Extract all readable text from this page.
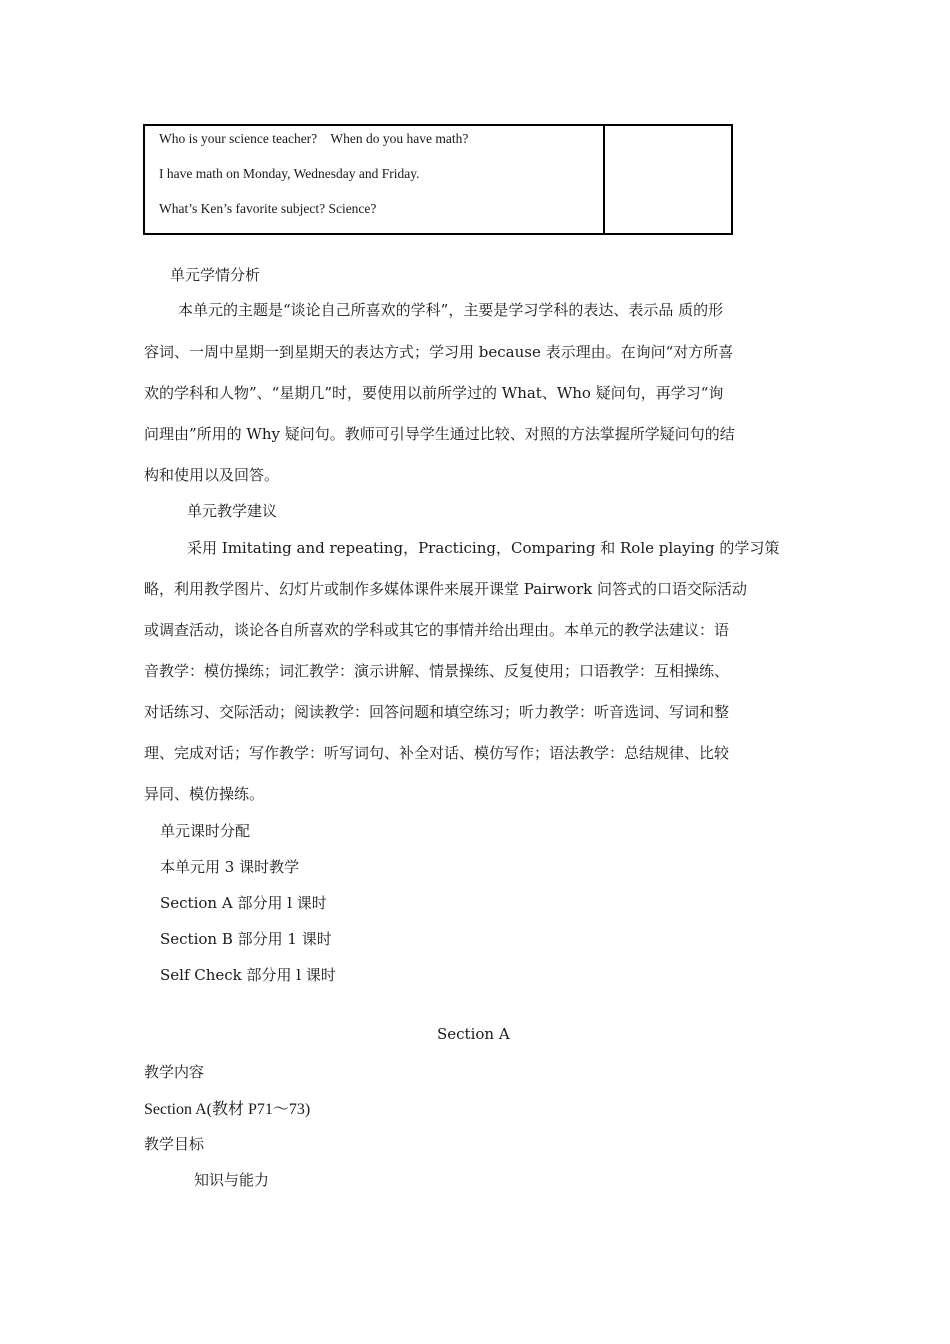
Who is your science teacher?    When do you have math?
I have math on Monday, Wednesday and Friday.
What’s Ken’s favorite subject? Science?
单元学情分析
本单元的主题是“谈论自己所喜欢的学科”，主要是学习学科的表达、表示品 质的形
容词、一周中星期一到星期天的表达方式；学习用 because 表示理由。在询问“对方所喜
欢的学科和人物”、“星期几”时，要使用以前所学过的 What、Who 疑问句，再学习“询
问理由”所用的 Why 疑问句。教师可引导学生通过比较、对照的方法掌握所学疑问句的结
构和使用以及回答。
单元教学建议
采用 Imitating and repeating，Practicing，Comparing 和 Role playing 的学习策
略，利用教学图片、幻灯片或制作多媒体课件来展开课堂 Pairwork 问答式的口语交际活动
或调查活动，谈论各自所喜欢的学科或其它的事情并给出理由。本单元的教学法建议：语
音教学：模仿操练；词汇教学：演示讲解、情景操练、反复使用；口语教学：互相操练、
对话练习、交际活动；阅读教学：回答问题和填空练习；听力教学：听音选词、写词和整
理、完成对话；写作教学：听写词句、补全对话、模仿写作；语法教学：总结规律、比较
异同、模仿操练。
单元课时分配
本单元用 3 课时教学
Section A 部分用 l 课时
Section B 部分用 1 课时
Self Check 部分用 l 课时
Section A
教学内容
Section A(教材 P71～73)
教学目标
知识与能力
